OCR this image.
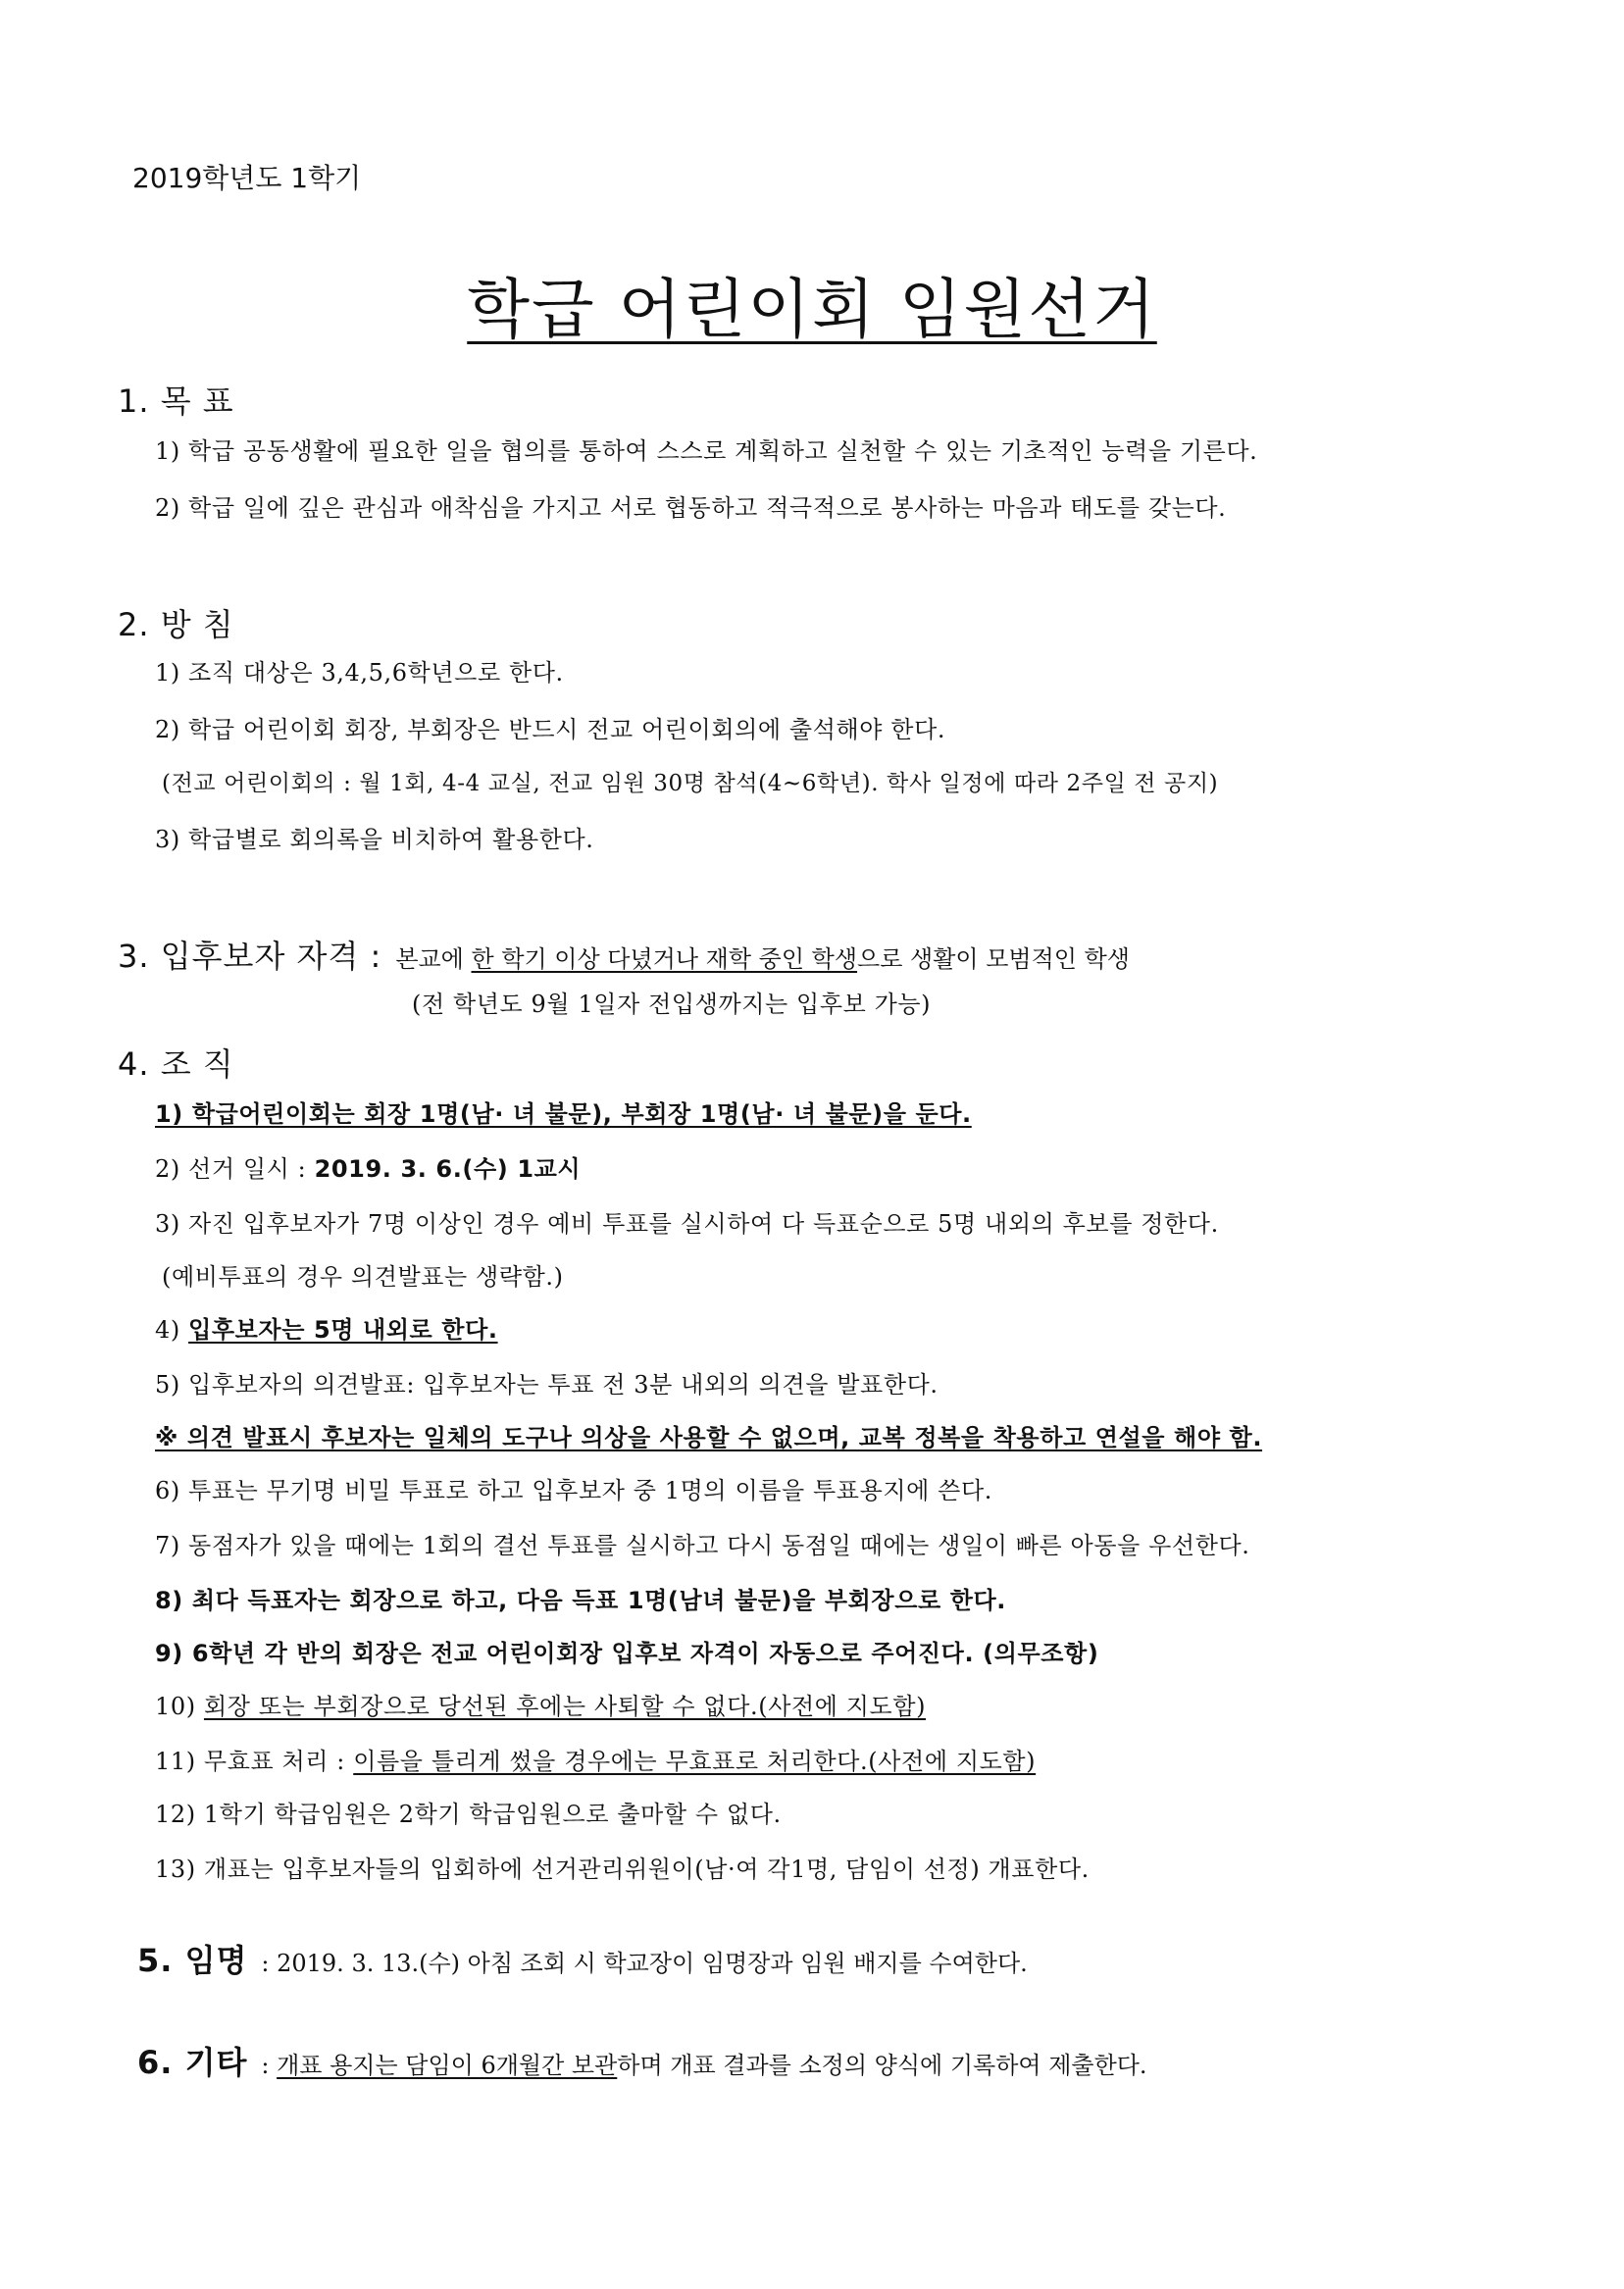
2019학년도 1학기
학급 어린이회 임원선거
1. 목 표
1) 학급 공동생활에 필요한 일을 협의를 통하여 스스로 계획하고 실천할 수 있는 기초적인 능력을 기른다.
2) 학급 일에 깊은 관심과 애착심을 가지고 서로 협동하고 적극적으로 봉사하는 마음과 태도를 갖는다.
2. 방 침
1) 조직 대상은 3,4,5,6학년으로 한다.
2) 학급 어린이회 회장, 부회장은 반드시 전교 어린이회의에 출석해야 한다.
(전교 어린이회의 : 월 1회, 4-4 교실, 전교 임원 30명 참석(4~6학년). 학사 일정에 따라 2주일 전 공지)
3) 학급별로 회의록을 비치하여 활용한다.
3. 입후보자 자격 : 본교에 한 학기 이상 다녔거나 재학 중인 학생으로 생활이 모범적인 학생
(전 학년도 9월 1일자 전입생까지는 입후보 가능)
4. 조 직
1) 학급어린이회는 회장 1명(남· 녀 불문), 부회장 1명(남· 녀 불문)을 둔다.
2) 선거 일시 : 2019. 3. 6.(수) 1교시
3) 자진 입후보자가 7명 이상인 경우 예비 투표를 실시하여 다 득표순으로 5명 내외의 후보를 정한다.
(예비투표의 경우 의견발표는 생략함.)
4) 입후보자는 5명 내외로 한다.
5) 입후보자의 의견발표: 입후보자는 투표 전 3분 내외의 의견을 발표한다.
※ 의견 발표시 후보자는 일체의 도구나 의상을 사용할 수 없으며, 교복 정복을 착용하고 연설을 해야 함.
6) 투표는 무기명 비밀 투표로 하고 입후보자 중 1명의 이름을 투표용지에 쓴다.
7) 동점자가 있을 때에는 1회의 결선 투표를 실시하고 다시 동점일 때에는 생일이 빠른 아동을 우선한다.
8) 최다 득표자는 회장으로 하고, 다음 득표 1명(남녀 불문)을 부회장으로 한다.
9) 6학년 각 반의 회장은 전교 어린이회장 입후보 자격이 자동으로 주어진다. (의무조항)
10) 회장 또는 부회장으로 당선된 후에는 사퇴할 수 없다.(사전에 지도함)
11) 무효표 처리 : 이름을 틀리게 썼을 경우에는 무효표로 처리한다.(사전에 지도함)
12) 1학기 학급임원은 2학기 학급임원으로 출마할 수 없다.
13) 개표는 입후보자들의 입회하에 선거관리위원이(남·여 각1명, 담임이 선정) 개표한다.
5. 임명 : 2019. 3. 13.(수) 아침 조회 시 학교장이 임명장과 임원 배지를 수여한다.
6. 기타 : 개표 용지는 담임이 6개월간 보관하며 개표 결과를 소정의 양식에 기록하여 제출한다.
